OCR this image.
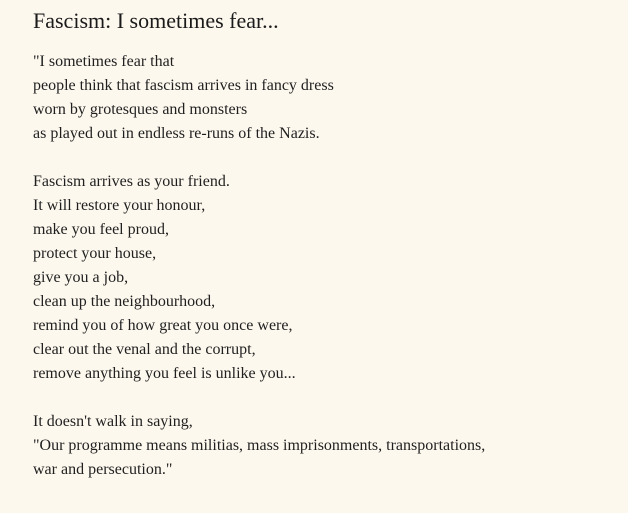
Fascism: I sometimes fear...
"I sometimes fear that
people think that fascism arrives in fancy dress
worn by grotesques and monsters
as played out in endless re-runs of the Nazis.
Fascism arrives as your friend.
It will restore your honour,
make you feel proud,
protect your house,
give you a job,
clean up the neighbourhood,
remind you of how great you once were,
clear out the venal and the corrupt,
remove anything you feel is unlike you...
It doesn't walk in saying,
"Our programme means militias, mass imprisonments, transportations,
war and persecution."
